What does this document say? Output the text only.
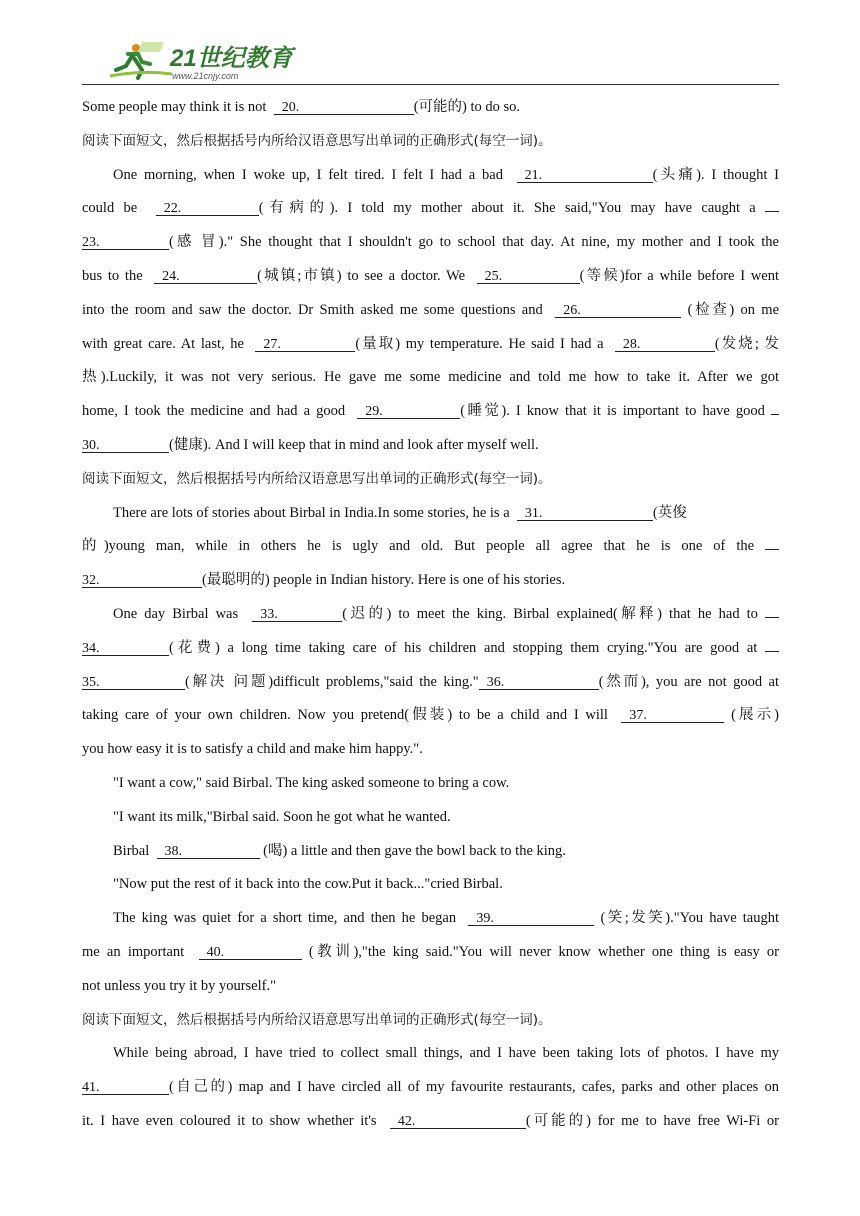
21世纪教育
www.21cnjy.com
Some people may think it is not 20.	(可能的) to do so.
阅读下面短文，然后根据括号内所给汉语意思写出单词的正确形式(每空一词)。
One morning, when I woke up, I felt tired. I felt I had a bad 21.	(头痛). I thought I
could be 22.	(有病的). I told my mother about it. She said,"You may have caught a
23.	(感 冒)." She thought that I shouldn't go to school that day. At nine, my mother and I took the
bus to the 24.	(城镇;市镇) to see a doctor. We 25.	(等候)for a while before I went
into the room and saw the doctor. Dr Smith asked me some questions and 26.	(检查) on me
with great care. At last, he 27.	(量取) my temperature. He said I had a 28.	(发烧; 发
热).Luckily, it was not very serious. He gave me some medicine and told me how to take it. After we got
home, I took the medicine and had a good 29.	(睡觉). I know that it is important to have good
30.	(健康). And I will keep that in mind and look after myself well.
阅读下面短文，然后根据括号内所给汉语意思写出单词的正确形式(每空一词)。
There are lots of stories about Birbal in India.In some stories, he is a 31.	(英俊
的)young man, while in others he is ugly and old. But people all agree that he is one of the
32.	(最聪明的) people in Indian history. Here is one of his stories.
One day Birbal was 33.	(迟的) to meet the king. Birbal explained(解释) that he had to
34.	(花费) a long time taking care of his children and stopping them crying."You are good at
35.	(解决 问题)difficult problems,"said the king." 36.	(然而), you are not good at
taking care of your own children. Now you pretend(假装) to be a child and I will 37.	(展示)
you how easy it is to satisfy a child and make him happy.".
"I want a cow," said Birbal. The king asked someone to bring a cow.
"I want its milk,"Birbal said. Soon he got what he wanted.
Birbal 38.	(喝) a little and then gave the bowl back to the king.
"Now put the rest of it back into the cow.Put it back..."cried Birbal.
The king was quiet for a short time, and then he began 39.	(笑;发笑)."You have taught
me an important 40.	(教训),"the king said."You will never know whether one thing is easy or
not unless you try it by yourself."
阅读下面短文，然后根据括号内所给汉语意思写出单词的正确形式(每空一词)。
While being abroad, I have tried to collect small things, and I have been taking lots of photos. I have my
41.	(自己的) map and I have circled all of my favourite restaurants, cafes, parks and other places on
it. I have even coloured it to show whether it's 42.	(可能的) for me to have free Wi-Fi or
